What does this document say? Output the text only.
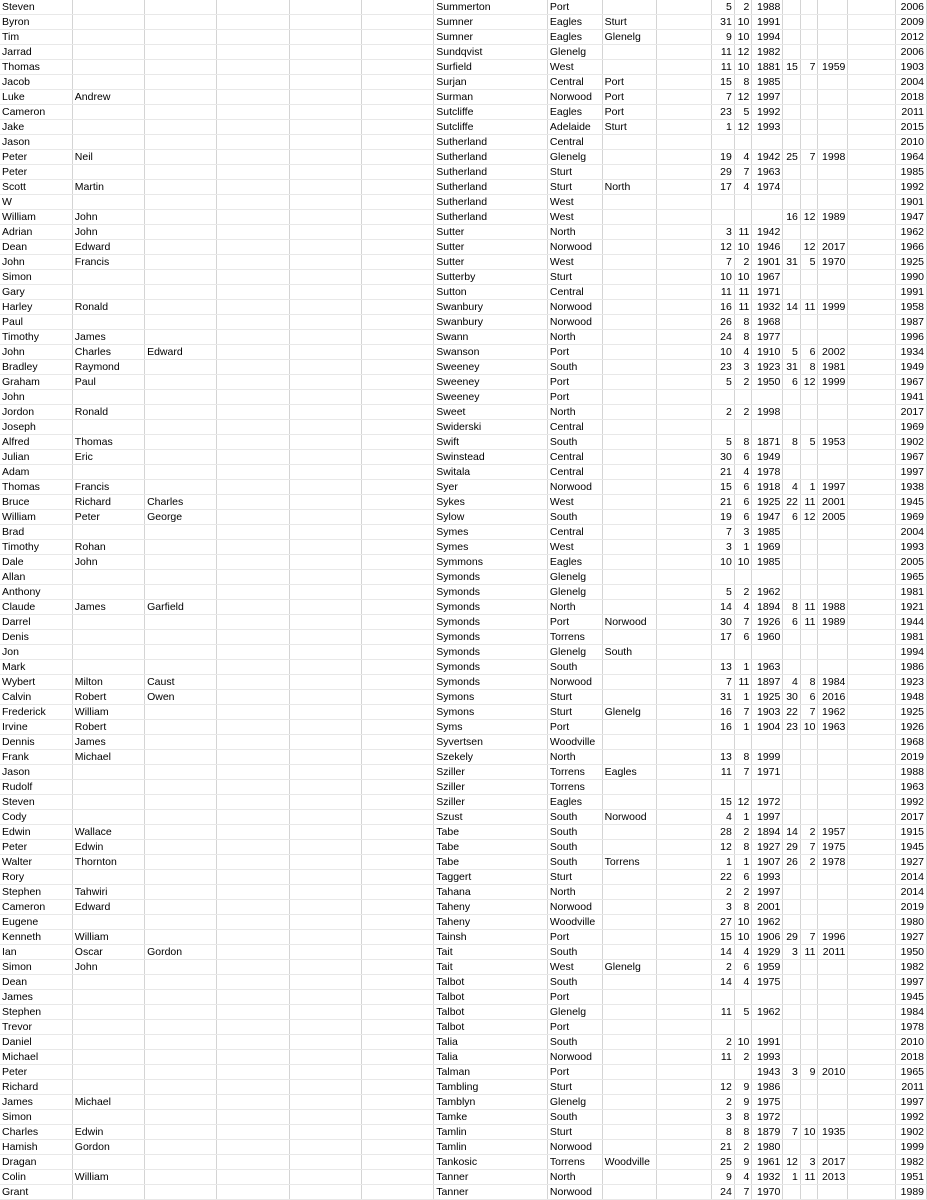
Steven						Summerton	Port			5	2	1988					2006
Byron						Sumner	Eagles	Sturt		31	10	1991					2009
Tim						Sumner	Eagles	Glenelg		9	10	1994					2012
Jarrad						Sundqvist	Glenelg			11	12	1982					2006
Thomas						Surfield	West			11	10	1881	15	7	1959		1903
Jacob						Surjan	Central	Port		15	8	1985					2004
Luke	Andrew					Surman	Norwood	Port		7	12	1997					2018
Cameron						Sutcliffe	Eagles	Port		23	5	1992					2011
Jake						Sutcliffe	Adelaide	Sturt		1	12	1993					2015
Jason						Sutherland	Central										2010
Peter	Neil					Sutherland	Glenelg			19	4	1942	25	7	1998		1964
Peter						Sutherland	Sturt			29	7	1963					1985
Scott	Martin					Sutherland	Sturt	North		17	4	1974					1992
W						Sutherland	West										1901
William	John					Sutherland	West						16	12	1989		1947
Adrian	John					Sutter	North			3	11	1942					1962
Dean	Edward					Sutter	Norwood			12	10	1946		12	2017		1966
John	Francis					Sutter	West			7	2	1901	31	5	1970		1925
Simon						Sutterby	Sturt			10	10	1967					1990
Gary						Sutton	Central			11	11	1971					1991
Harley	Ronald					Swanbury	Norwood			16	11	1932	14	11	1999		1958
Paul						Swanbury	Norwood			26	8	1968					1987
Timothy	James					Swann	North			24	8	1977					1996
John	Charles	Edward				Swanson	Port			10	4	1910	5	6	2002		1934
Bradley	Raymond					Sweeney	South			23	3	1923	31	8	1981		1949
Graham	Paul					Sweeney	Port			5	2	1950	6	12	1999		1967
John						Sweeney	Port										1941
Jordon	Ronald					Sweet	North			2	2	1998					2017
Joseph						Swiderski	Central										1969
Alfred	Thomas					Swift	South			5	8	1871	8	5	1953		1902
Julian	Eric					Swinstead	Central			30	6	1949					1967
Adam						Switala	Central			21	4	1978					1997
Thomas	Francis					Syer	Norwood			15	6	1918	4	1	1997		1938
Bruce	Richard	Charles				Sykes	West			21	6	1925	22	11	2001		1945
William	Peter	George				Sylow	South			19	6	1947	6	12	2005		1969
Brad						Symes	Central			7	3	1985					2004
Timothy	Rohan					Symes	West			3	1	1969					1993
Dale	John					Symmons	Eagles			10	10	1985					2005
Allan						Symonds	Glenelg										1965
Anthony						Symonds	Glenelg			5	2	1962					1981
Claude	James	Garfield				Symonds	North			14	4	1894	8	11	1988		1921
Darrel						Symonds	Port	Norwood		30	7	1926	6	11	1989		1944
Denis						Symonds	Torrens			17	6	1960					1981
Jon						Symonds	Glenelg	South									1994
Mark						Symonds	South			13	1	1963					1986
Wybert	Milton	Caust				Symonds	Norwood			7	11	1897	4	8	1984		1923
Calvin	Robert	Owen				Symons	Sturt			31	1	1925	30	6	2016		1948
Frederick	William					Symons	Sturt	Glenelg		16	7	1903	22	7	1962		1925
Irvine	Robert					Syms	Port			16	1	1904	23	10	1963		1926
Dennis	James					Syvertsen	Woodville										1968
Frank	Michael					Szekely	North			13	8	1999					2019
Jason						Sziller	Torrens	Eagles		11	7	1971					1988
Rudolf						Sziller	Torrens										1963
Steven						Sziller	Eagles			15	12	1972					1992
Cody						Szust	South	Norwood		4	1	1997					2017
Edwin	Wallace					Tabe	South			28	2	1894	14	2	1957		1915
Peter	Edwin					Tabe	South			12	8	1927	29	7	1975		1945
Walter	Thornton					Tabe	South	Torrens		1	1	1907	26	2	1978		1927
Rory						Taggert	Sturt			22	6	1993					2014
Stephen	Tahwiri					Tahana	North			2	2	1997					2014
Cameron	Edward					Taheny	Norwood			3	8	2001					2019
Eugene						Taheny	Woodville			27	10	1962					1980
Kenneth	William					Tainsh	Port			15	10	1906	29	7	1996		1927
Ian	Oscar	Gordon				Tait	South			14	4	1929	3	11	2011		1950
Simon	John					Tait	West	Glenelg		2	6	1959					1982
Dean						Talbot	South			14	4	1975					1997
James						Talbot	Port										1945
Stephen						Talbot	Glenelg			11	5	1962					1984
Trevor						Talbot	Port										1978
Daniel						Talia	South			2	10	1991					2010
Michael						Talia	Norwood			11	2	1993					2018
Peter						Talman	Port					1943	3	9	2010		1965
Richard						Tambling	Sturt			12	9	1986					2011
James	Michael					Tamblyn	Glenelg			2	9	1975					1997
Simon						Tamke	South			3	8	1972					1992
Charles	Edwin					Tamlin	Sturt			8	8	1879	7	10	1935		1902
Hamish	Gordon					Tamlin	Norwood			21	2	1980					1999
Dragan						Tankosic	Torrens	Woodville		25	9	1961	12	3	2017		1982
Colin	William					Tanner	North			9	4	1932	1	11	2013		1951
Grant						Tanner	Norwood			24	7	1970					1989
